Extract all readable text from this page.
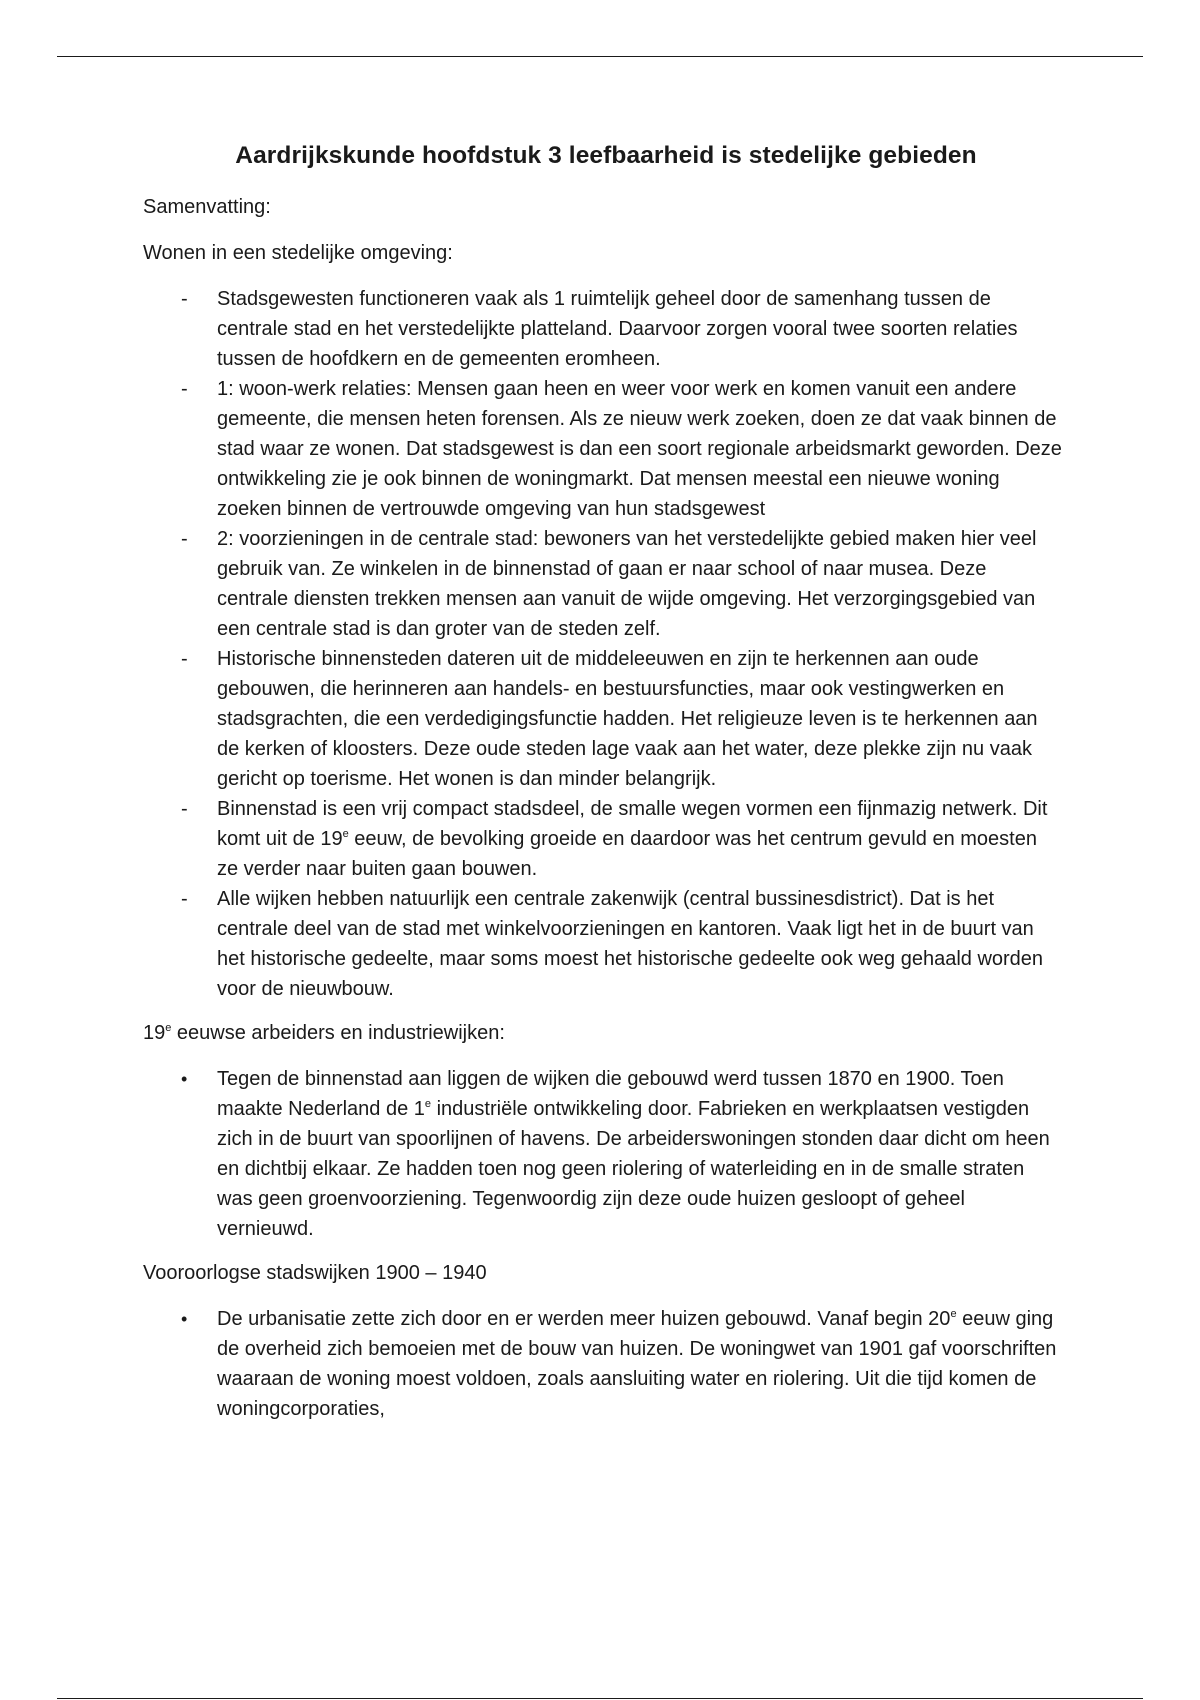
Aardrijkskunde hoofdstuk 3 leefbaarheid is stedelijke gebieden

Samenvatting:

Wonen in een stedelijke omgeving:

- Stadsgewesten functioneren vaak als 1 ruimtelijk geheel door de samenhang tussen de centrale stad en het verstedelijkte platteland. Daarvoor zorgen vooral twee soorten relaties tussen de hoofdkern en de gemeenten eromheen.
- 1: woon-werk relaties: Mensen gaan heen en weer voor werk en komen vanuit een andere gemeente, die mensen heten forensen. Als ze nieuw werk zoeken, doen ze dat vaak binnen de stad waar ze wonen. Dat stadsgewest is dan een soort regionale arbeidsmarkt geworden. Deze ontwikkeling zie je ook binnen de woningmarkt. Dat mensen meestal een nieuwe woning zoeken binnen de vertrouwde omgeving van hun stadsgewest
- 2: voorzieningen in de centrale stad: bewoners van het verstedelijkte gebied maken hier veel gebruik van. Ze winkelen in de binnenstad of gaan er naar school of naar musea. Deze centrale diensten trekken mensen aan vanuit de wijde omgeving. Het verzorgingsgebied van een centrale stad is dan groter van de steden zelf.
- Historische binnensteden dateren uit de middeleeuwen en zijn te herkennen aan oude gebouwen, die herinneren aan handels- en bestuursfuncties, maar ook vestingwerken en stadsgrachten, die een verdedigingsfunctie hadden. Het religieuze leven is te herkennen aan de kerken of kloosters. Deze oude steden lage vaak aan het water, deze plekke zijn nu vaak gericht op toerisme. Het wonen is dan minder belangrijk.
- Binnenstad is een vrij compact stadsdeel, de smalle wegen vormen een fijnmazig netwerk. Dit komt uit de 19e eeuw, de bevolking groeide en daardoor was het centrum gevuld en moesten ze verder naar buiten gaan bouwen.
- Alle wijken hebben natuurlijk een centrale zakenwijk (central bussinesdistrict). Dat is het centrale deel van de stad met winkelvoorzieningen en kantoren. Vaak ligt het in de buurt van het historische gedeelte, maar soms moest het historische gedeelte ook weg gehaald worden voor de nieuwbouw.

19e eeuwse arbeiders en industriewijken:

• Tegen de binnenstad aan liggen de wijken die gebouwd werd tussen 1870 en 1900. Toen maakte Nederland de 1e industriële ontwikkeling door. Fabrieken en werkplaatsen vestigden zich in de buurt van spoorlijnen of havens. De arbeiderswoningen stonden daar dicht om heen en dichtbij elkaar. Ze hadden toen nog geen riolering of waterleiding en in de smalle straten was geen groenvoorziening. Tegenwoordig zijn deze oude huizen gesloopt of geheel vernieuwd.

Vooroorlogse stadswijken 1900 – 1940

• De urbanisatie zette zich door en er werden meer huizen gebouwd. Vanaf begin 20e eeuw ging de overheid zich bemoeien met de bouw van huizen. De woningwet van 1901 gaf voorschriften waaraan de woning moest voldoen, zoals aansluiting water en riolering. Uit die tijd komen de woningcorporaties,
